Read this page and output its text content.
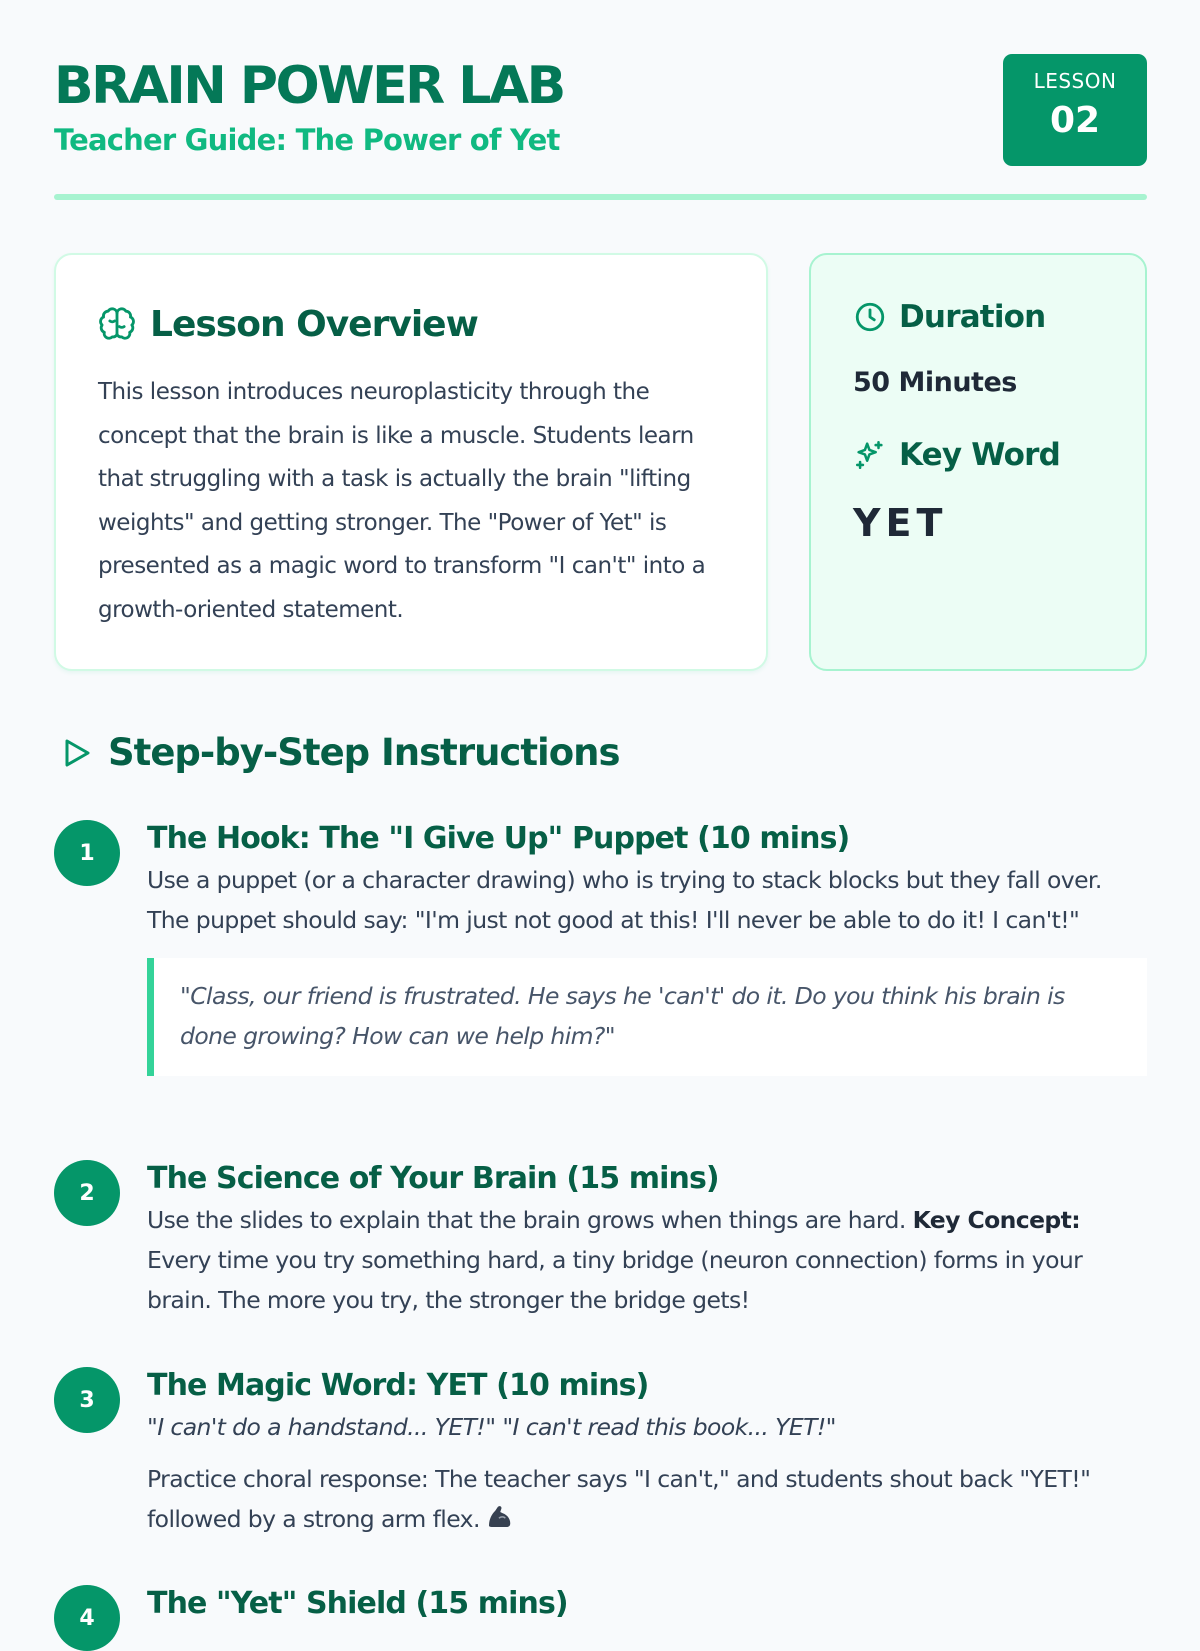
BRAIN POWER LAB
Teacher Guide: The Power of Yet
LESSON
02
Lesson Overview

This lesson introduces neuroplasticity through the concept that the brain is like a muscle. Students learn that struggling with a task is actually the brain "lifting weights" and getting stronger. The "Power of Yet" is presented as a magic word to transform "I can't" into a growth-oriented statement.

Duration
50 Minutes
Key Word
YET
Step-by-Step Instructions
1	The Hook: The "I Give Up" Puppet (10 mins)

Use a puppet (or a character drawing) who is trying to stack blocks but they fall over. The puppet should say: "I'm just not good at this! I'll never be able to do it! I can't!"

"Class, our friend is frustrated. He says he 'can't' do it. Do you think his brain is done growing? How can we help him?"

2	The Science of Your Brain (15 mins)

Use the slides to explain that the brain grows when things are hard. Key Concept: Every time you try something hard, a tiny bridge (neuron connection) forms in your brain. The more you try, the stronger the bridge gets!

3	The Magic Word: YET (10 mins)

"I can't do a handstand... YET!" "I can't read this book... YET!"

Practice choral response: The teacher says "I can't," and students shout back "YET!" followed by a strong arm flex.

4	The "Yet" Shield (15 mins)
